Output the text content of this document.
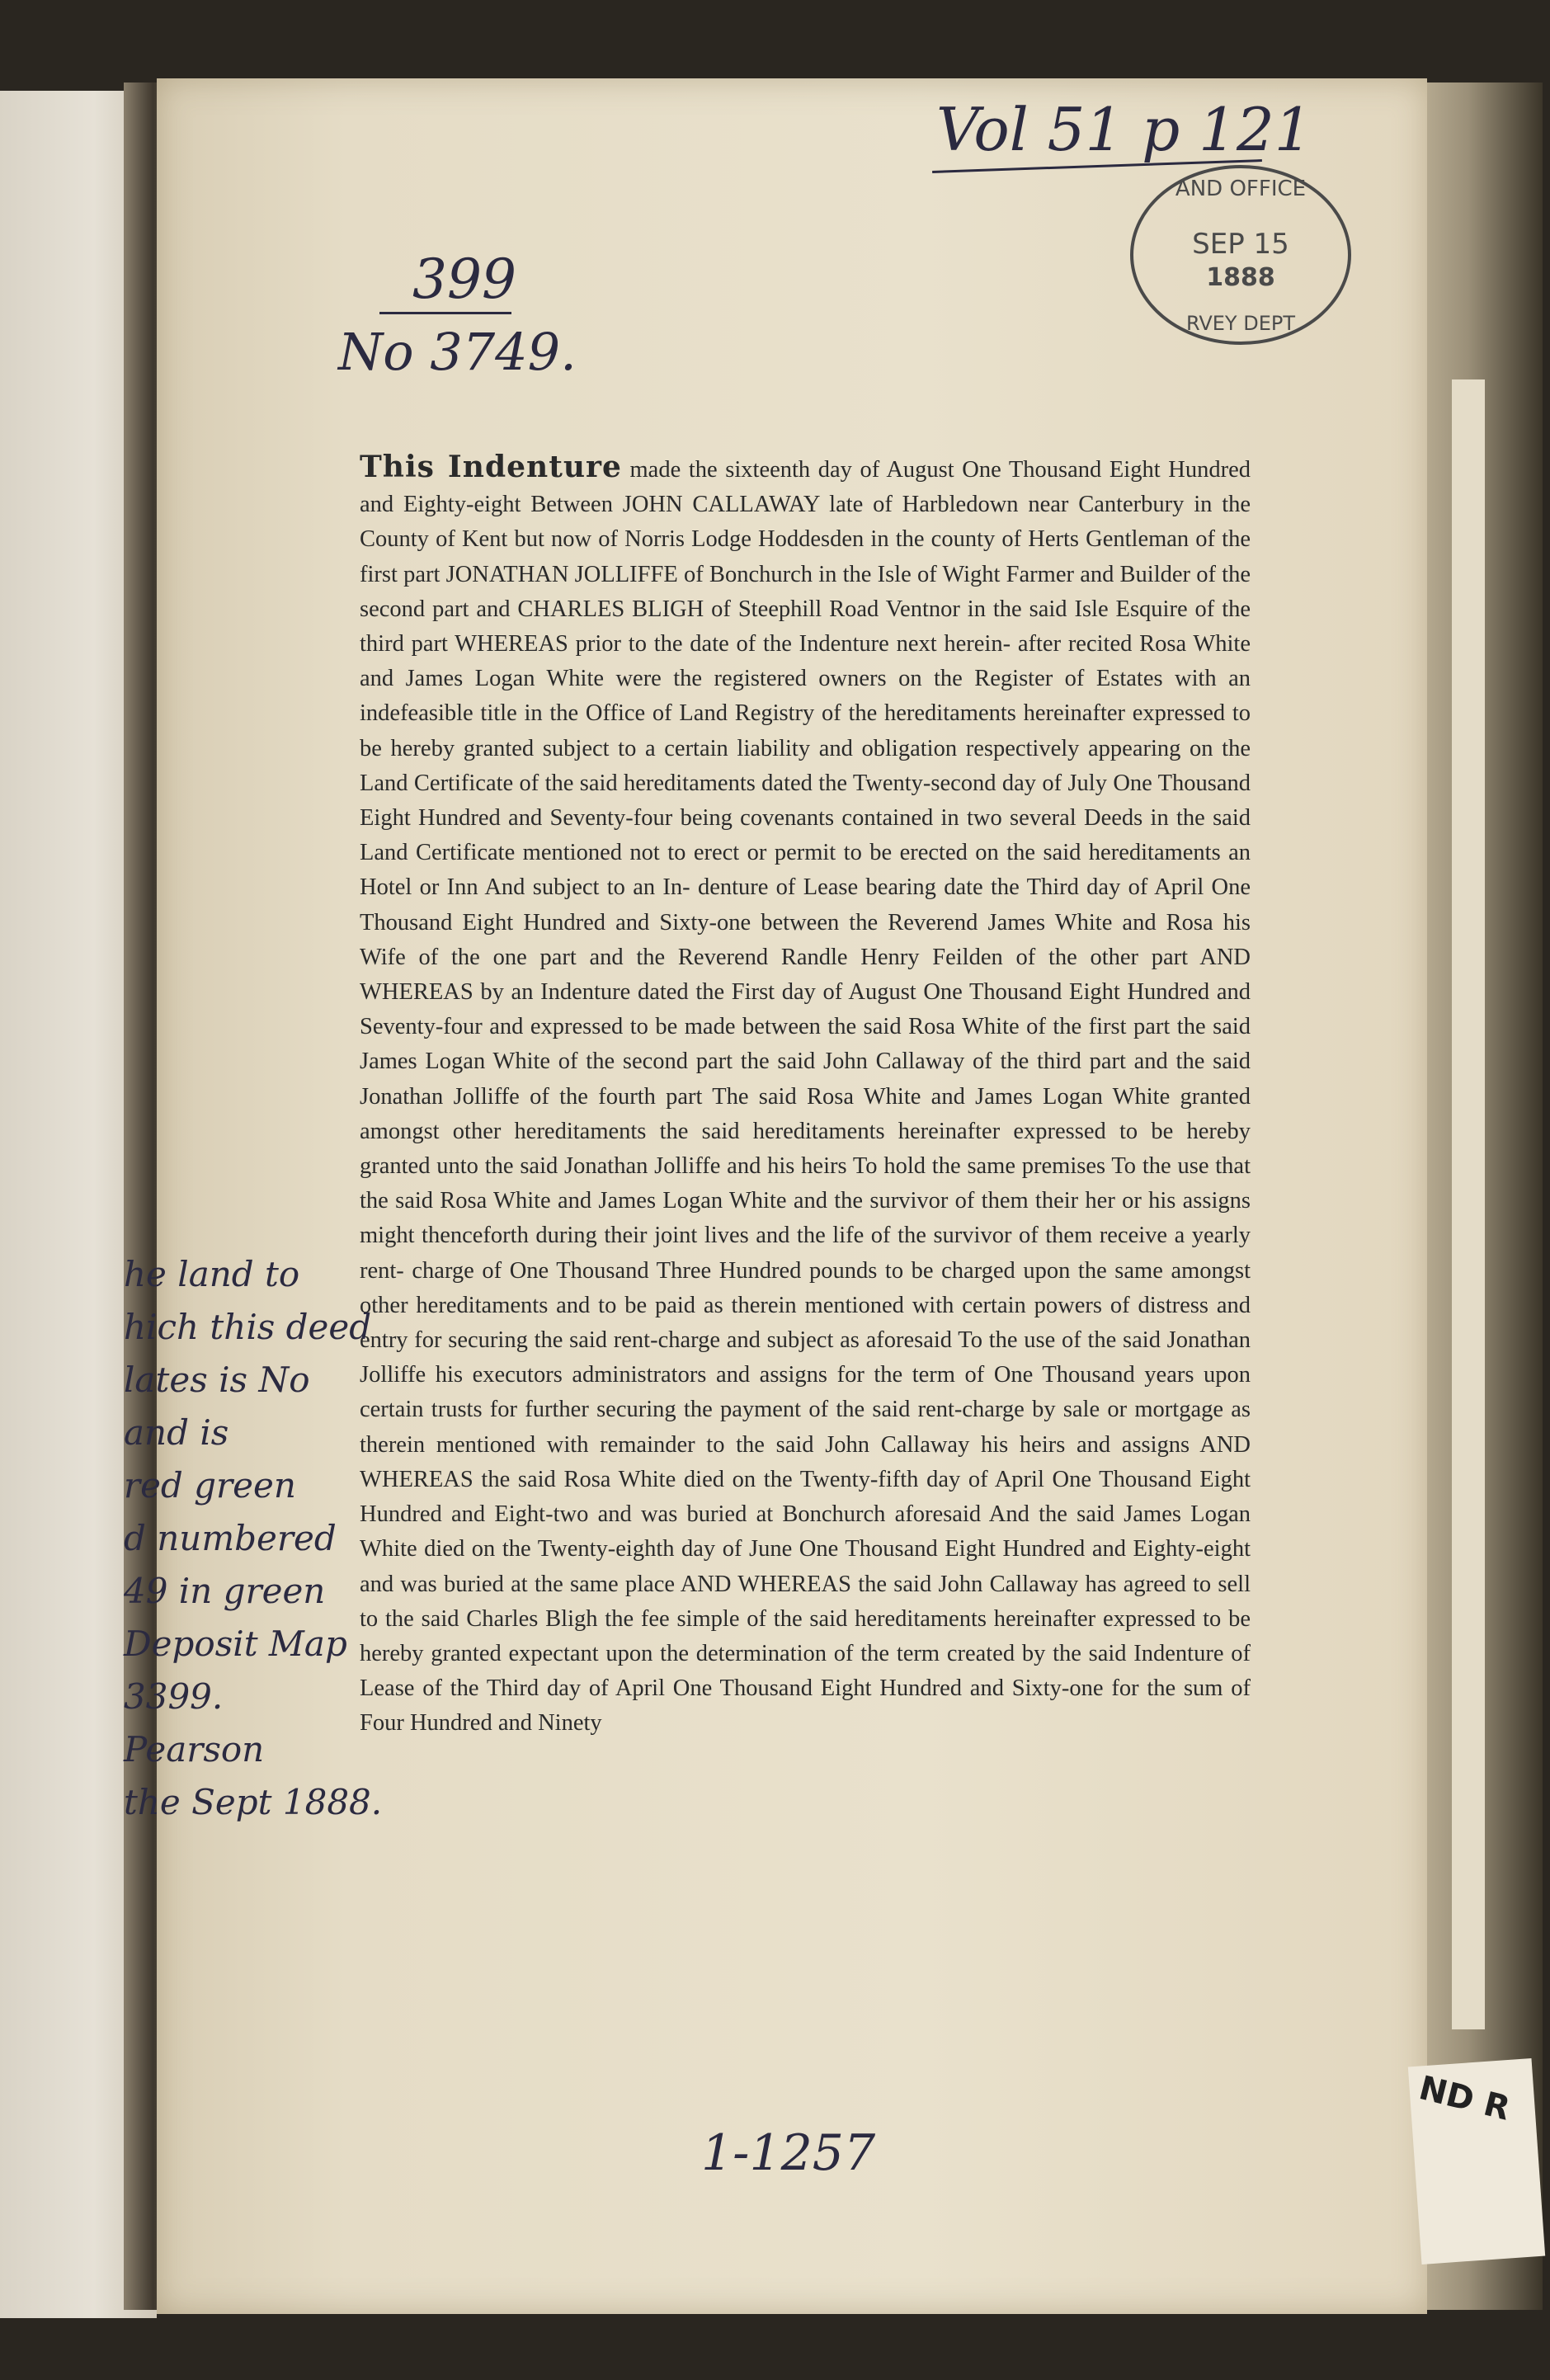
Vol 51 p 121
AND OFFICE
SEP 15
1888
RVEY DEPT
399
No 3749.
This Indenture made the sixteenth day of August One Thousand Eight Hundred and Eighty-eight Between JOHN CALLAWAY late of Harbledown near Canterbury in the County of Kent but now of Norris Lodge Hoddesden in the county of Herts Gentleman of the first part JONATHAN JOLLIFFE of Bonchurch in the Isle of Wight Farmer and Builder of the second part and CHARLES BLIGH of Steephill Road Ventnor in the said Isle Esquire of the third part WHEREAS prior to the date of the Indenture next herein- after recited Rosa White and James Logan White were the registered owners on the Register of Estates with an indefeasible title in the Office of Land Registry of the hereditaments hereinafter expressed to be hereby granted subject to a certain liability and obligation respectively appearing on the Land Certificate of the said hereditaments dated the Twenty-second day of July One Thousand Eight Hundred and Seventy-four being covenants contained in two several Deeds in the said Land Certificate mentioned not to erect or permit to be erected on the said hereditaments an Hotel or Inn And subject to an In- denture of Lease bearing date the Third day of April One Thousand Eight Hundred and Sixty-one between the Reverend James White and Rosa his Wife of the one part and the Reverend Randle Henry Feilden of the other part AND WHEREAS by an Indenture dated the First day of August One Thousand Eight Hundred and Seventy-four and expressed to be made between the said Rosa White of the first part the said James Logan White of the second part the said John Callaway of the third part and the said Jonathan Jolliffe of the fourth part The said Rosa White and James Logan White granted amongst other hereditaments the said hereditaments hereinafter expressed to be hereby granted unto the said Jonathan Jolliffe and his heirs To hold the same premises To the use that the said Rosa White and James Logan White and the survivor of them their her or his assigns might thenceforth during their joint lives and the life of the survivor of them receive a yearly rent- charge of One Thousand Three Hundred pounds to be charged upon the same amongst other hereditaments and to be paid as therein mentioned with certain powers of distress and entry for securing the said rent-charge and subject as aforesaid To the use of the said Jonathan Jolliffe his executors administrators and assigns for the term of One Thousand years upon certain trusts for further securing the payment of the said rent-charge by sale or mortgage as therein mentioned with remainder to the said John Callaway his heirs and assigns AND WHEREAS the said Rosa White died on the Twenty-fifth day of April One Thousand Eight Hundred and Eight-two and was buried at Bonchurch aforesaid And the said James Logan White died on the Twenty-eighth day of June One Thousand Eight Hundred and Eighty-eight and was buried at the same place AND WHEREAS the said John Callaway has agreed to sell to the said Charles Bligh the fee simple of the said hereditaments hereinafter expressed to be hereby granted expectant upon the determination of the term created by the said Indenture of Lease of the Third day of April One Thousand Eight Hundred and Sixty-one for the sum of Four Hundred and Ninety
he land to
hich this deed
lates is No
and is
red green
d numbered
49 in green
Deposit Map
3399.
Pearson
the Sept 1888.
1-1257
ND R
